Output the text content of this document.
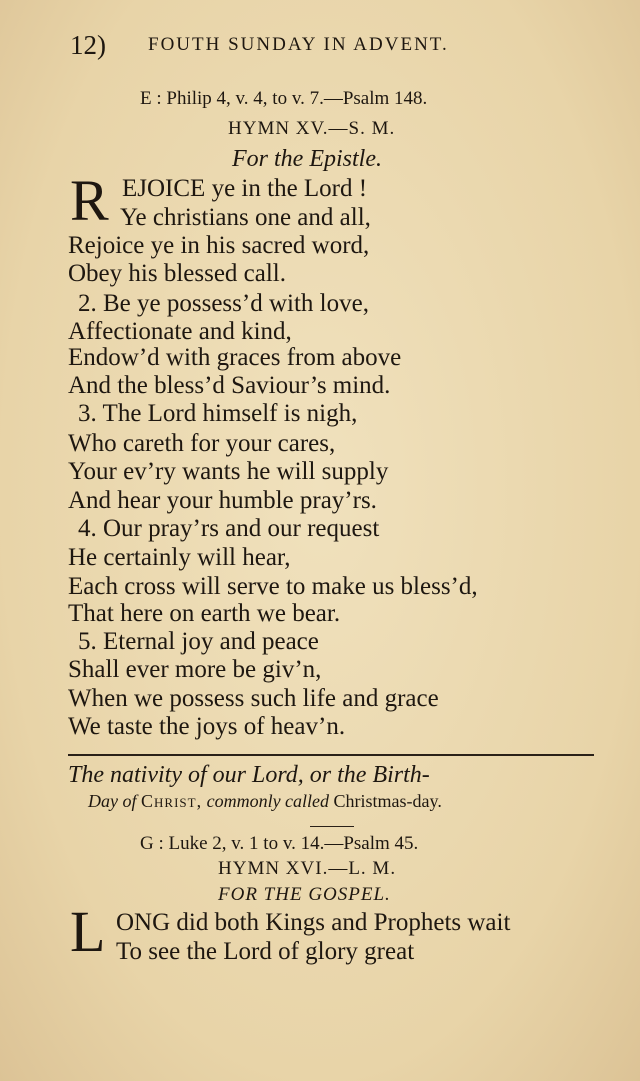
12) FOUTH SUNDAY IN ADVENT.
E : Philip 4, v. 4, to v. 7.—Psalm 148.
HYMN XV.—S. M.
For the Epistle.
R EJOICE ye in the Lord !
Ye christians one and all,
Rejoice ye in his sacred word,
Obey his blessed call.
2. Be ye possess’d with love,
Affectionate and kind,
Endow’d with graces from above
And the bless’d Saviour’s mind.
3. The Lord himself is nigh,
Who careth for your cares,
Your ev’ry wants he will supply
And hear your humble pray’rs.
4. Our pray’rs and our request
He certainly will hear,
Each cross will serve to make us bless’d,
That here on earth we bear.
5. Eternal joy and peace
Shall ever more be giv’n,
When we possess such life and grace
We taste the joys of heav’n.
The nativity of our Lord, or the Birth-
Day of Christ, commonly called Christmas-day.
G : Luke 2, v. 1 to v. 14.—Psalm 45.
HYMN XVI.—L. M.
FOR THE GOSPEL.
L ONG did both Kings and Prophets wait
To see the Lord of glory great
